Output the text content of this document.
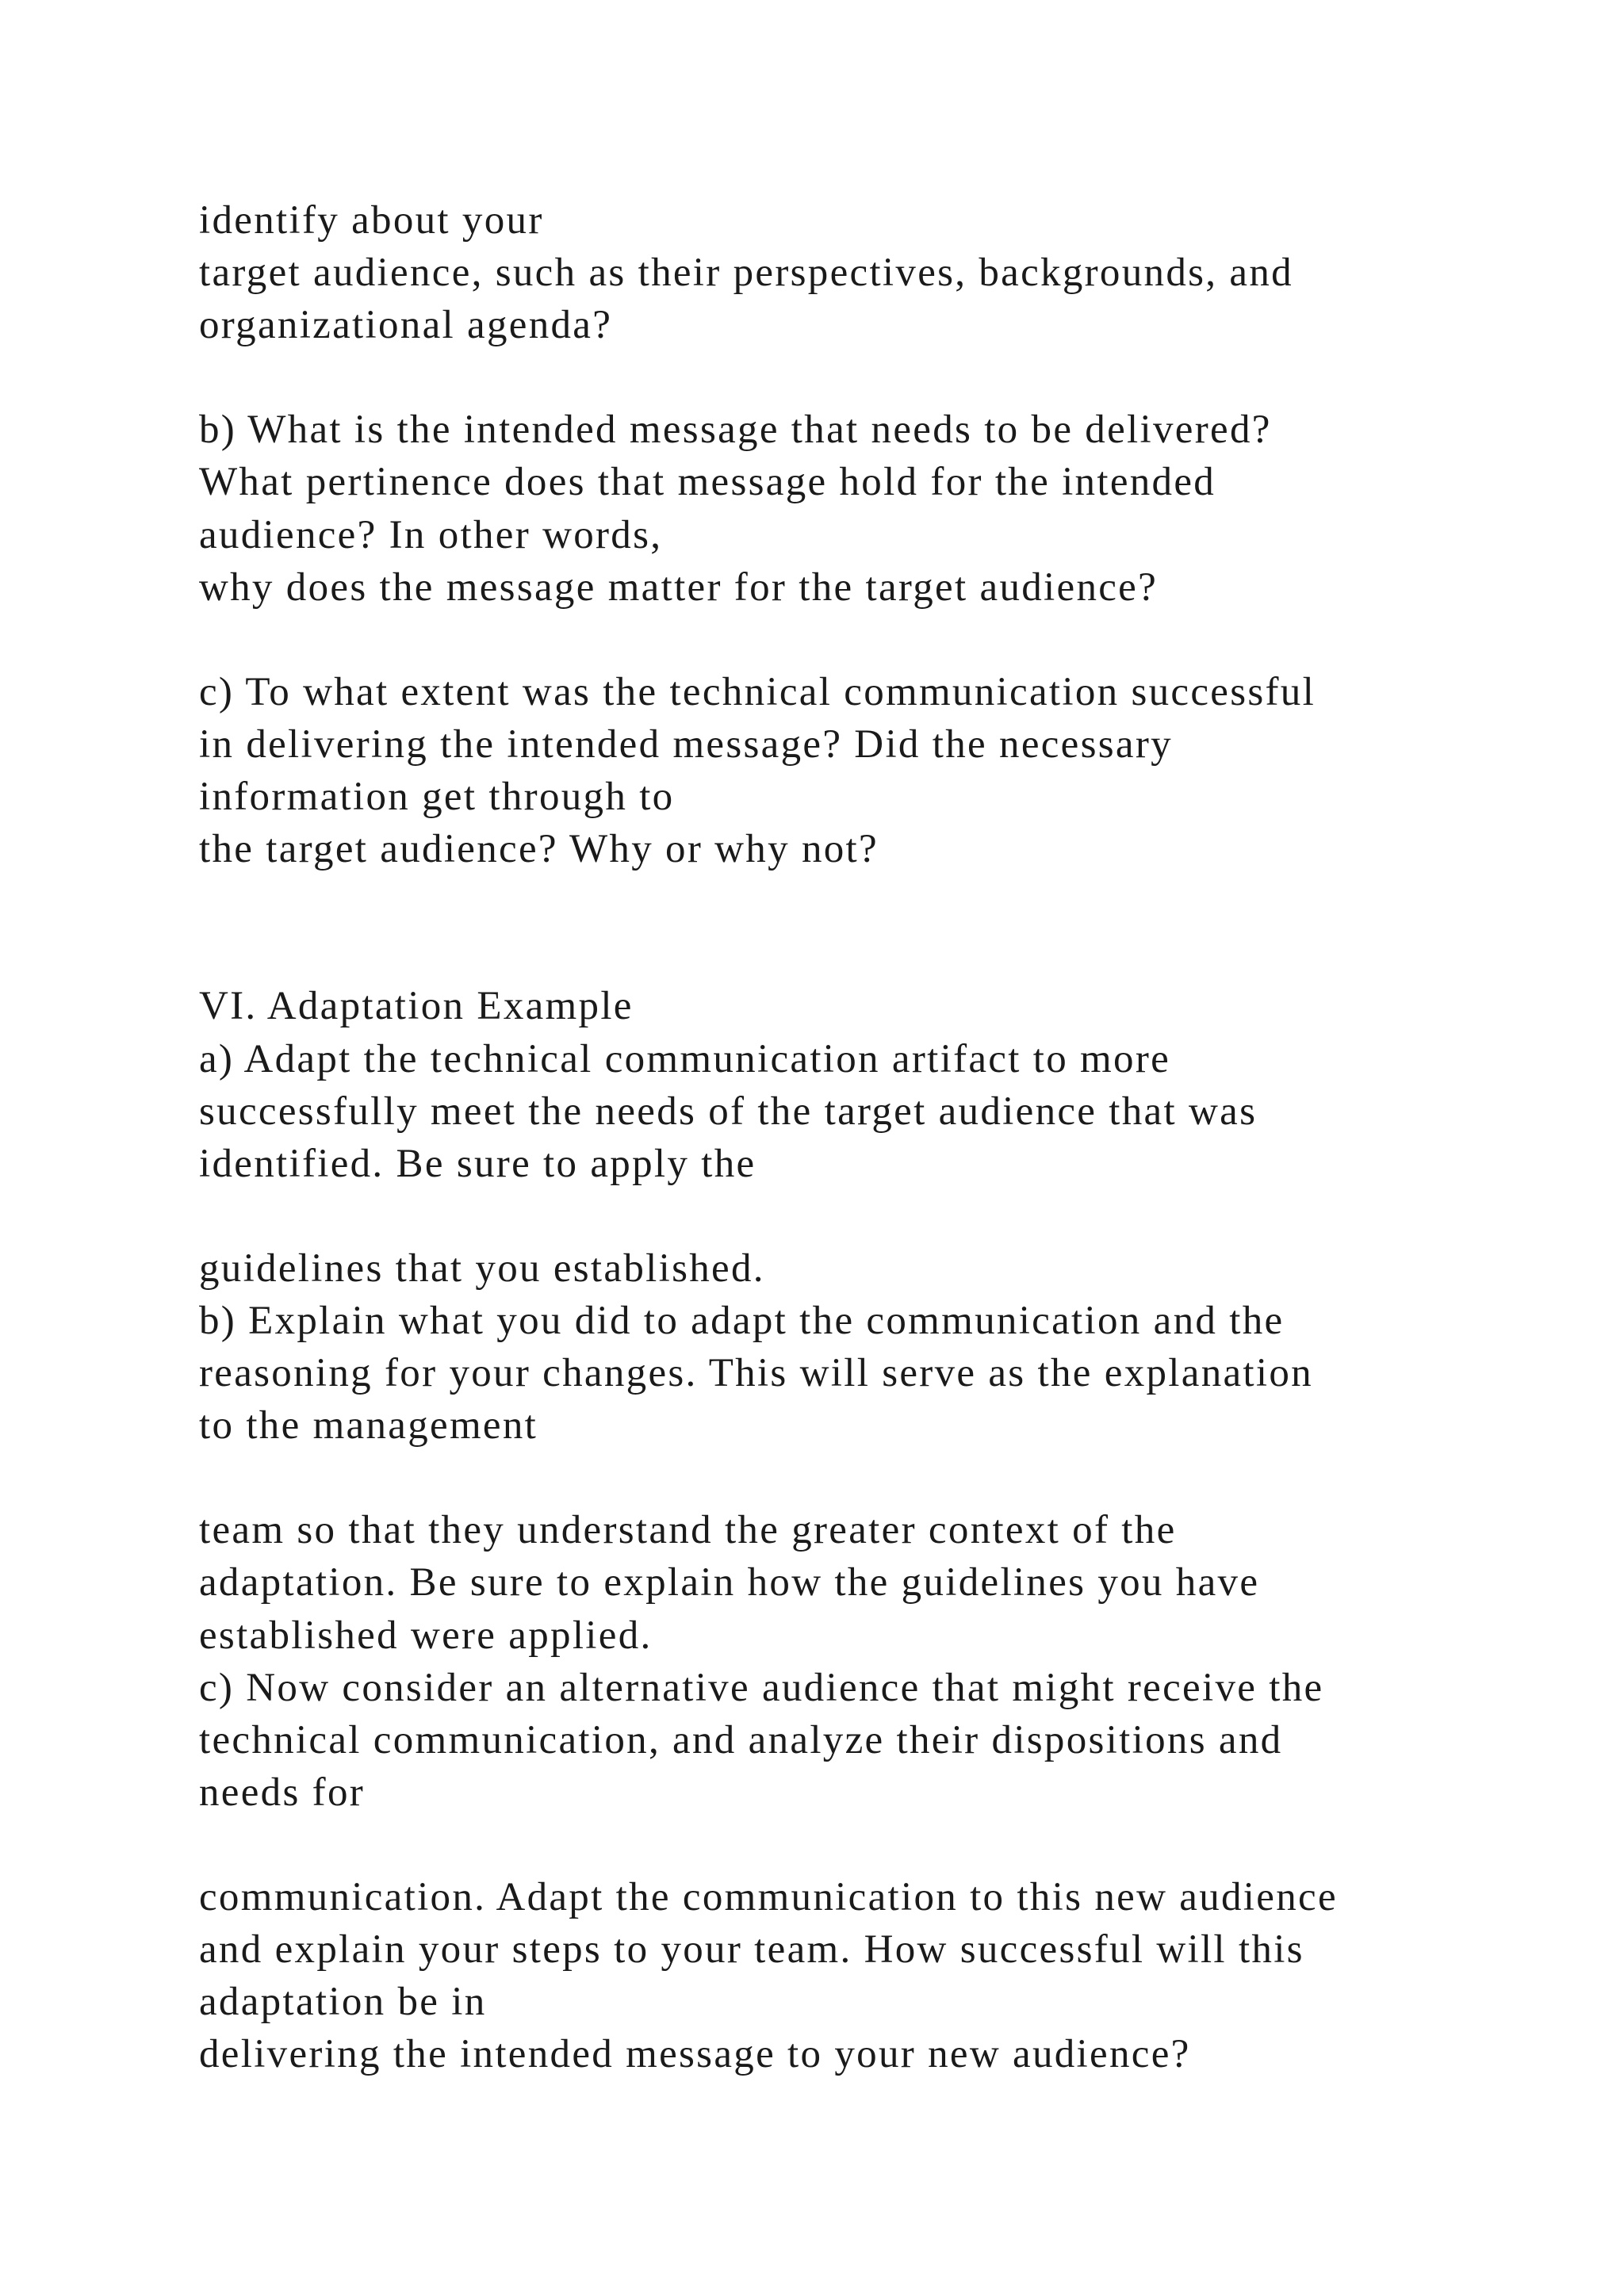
identify about your
target audience, such as their perspectives, backgrounds, and
organizational agenda?
b) What is the intended message that needs to be delivered?
What pertinence does that message hold for the intended
audience? In other words,
why does the message matter for the target audience?
c) To what extent was the technical communication successful
in delivering the intended message? Did the necessary
information get through to
the target audience? Why or why not?
VI. Adaptation Example
a) Adapt the technical communication artifact to more
successfully meet the needs of the target audience that was
identified. Be sure to apply the
guidelines that you established.
b) Explain what you did to adapt the communication and the
reasoning for your changes. This will serve as the explanation
to the management
team so that they understand the greater context of the
adaptation. Be sure to explain how the guidelines you have
established were applied.
c) Now consider an alternative audience that might receive the
technical communication, and analyze their dispositions and
needs for
communication. Adapt the communication to this new audience
and explain your steps to your team. How successful will this
adaptation be in
delivering the intended message to your new audience?
